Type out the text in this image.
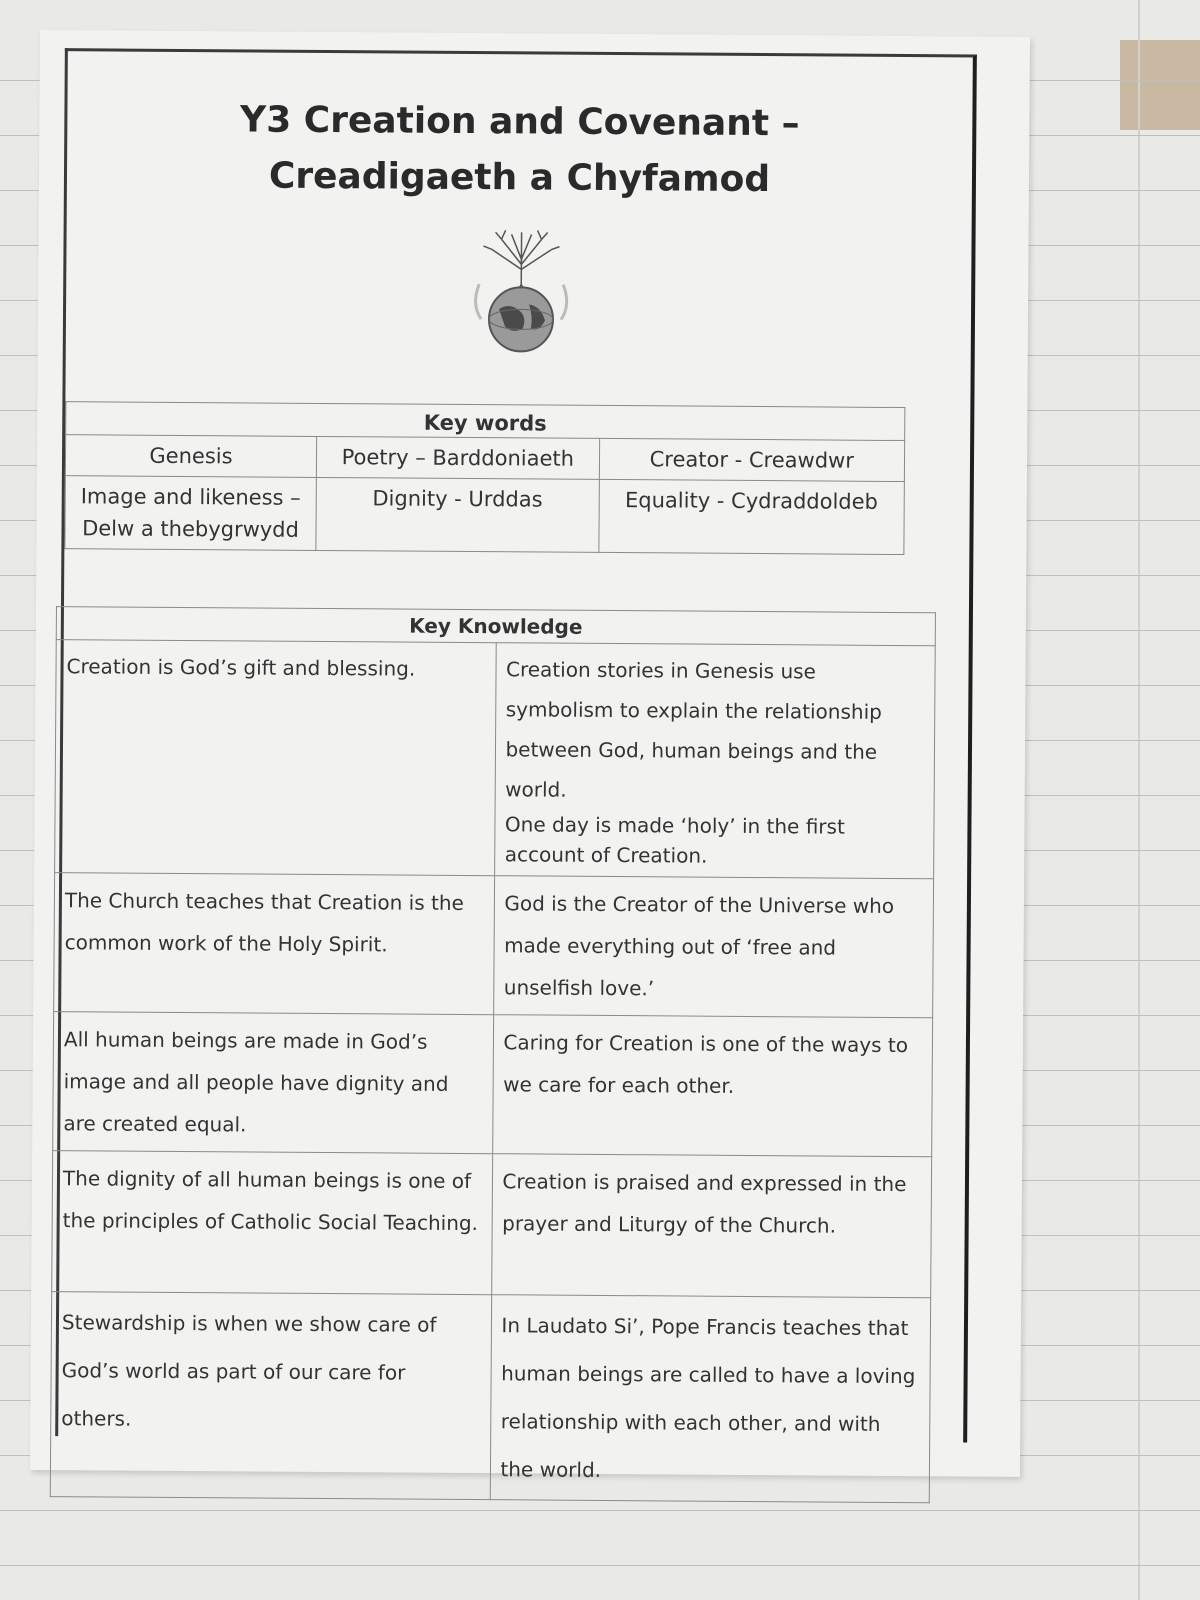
Y3 Creation and Covenant –
Creadigaeth a Chyfamod
Key words		
Genesis	Poetry – Barddoniaeth	Creator - Creawdwr
Image and likeness – Delw a thebygrwydd	Dignity - Urddas	Equality - Cydraddoldeb
Key Knowledge	
Creation is God’s gift and blessing.	Creation stories in Genesis use symbolism to explain the relationship between God, human beings and the world.

One day is made ‘holy’ in the first account of Creation.

The Church teaches that Creation is the common work of the Holy Spirit.	God is the Creator of the Universe who made everything out of ‘free and unselfish love.’
All human beings are made in God’s image and all people have dignity and are created equal.	Caring for Creation is one of the ways to we care for each other.
The dignity of all human beings is one of the principles of Catholic Social Teaching.	Creation is praised and expressed in the prayer and Liturgy of the Church.
Stewardship is when we show care of God’s world as part of our care for others.	In Laudato Si’, Pope Francis teaches that human beings are called to have a loving relationship with each other, and with the world.
